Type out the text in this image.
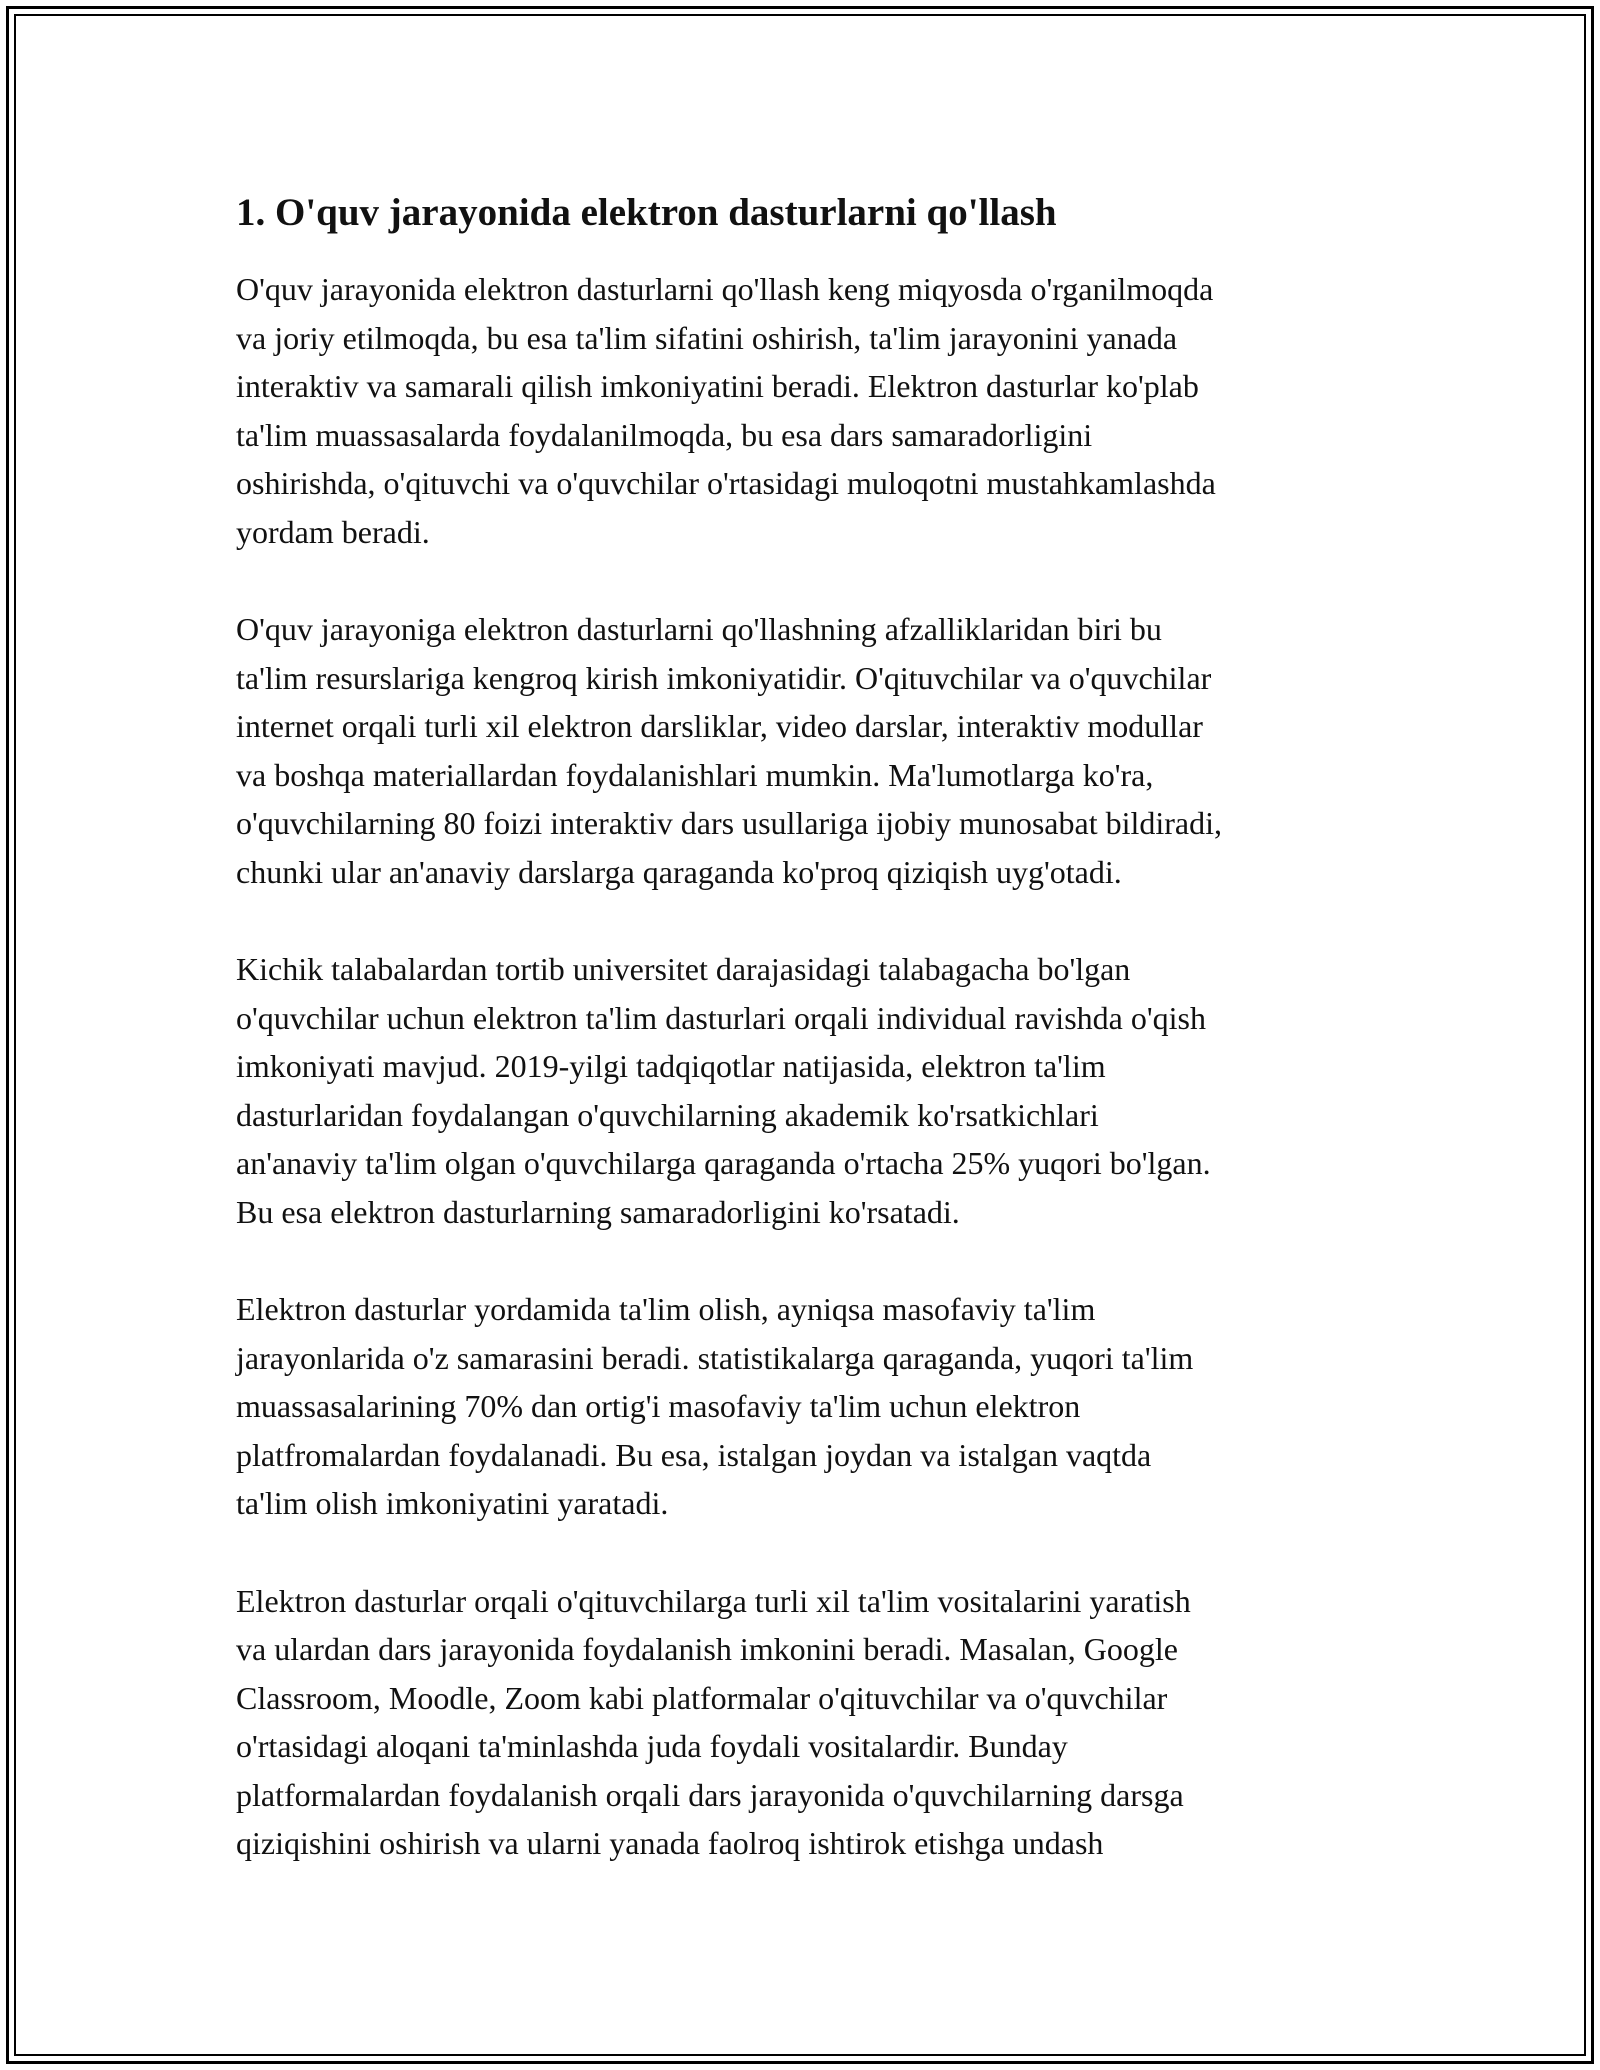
1. O'quv jarayonida elektron dasturlarni qo'llash

O'quv jarayonida elektron dasturlarni qo'llash keng miqyosda o'rganilmoqda
va joriy etilmoqda, bu esa ta'lim sifatini oshirish, ta'lim jarayonini yanada
interaktiv va samarali qilish imkoniyatini beradi. Elektron dasturlar ko'plab
ta'lim muassasalarda foydalanilmoqda, bu esa dars samaradorligini
oshirishda, o'qituvchi va o'quvchilar o'rtasidagi muloqotni mustahkamlashda
yordam beradi.

O'quv jarayoniga elektron dasturlarni qo'llashning afzalliklaridan biri bu
ta'lim resurslariga kengroq kirish imkoniyatidir. O'qituvchilar va o'quvchilar
internet orqali turli xil elektron darsliklar, video darslar, interaktiv modullar
va boshqa materiallardan foydalanishlari mumkin. Ma'lumotlarga ko'ra,
o'quvchilarning 80 foizi interaktiv dars usullariga ijobiy munosabat bildiradi,
chunki ular an'anaviy darslarga qaraganda ko'proq qiziqish uyg'otadi.

Kichik talabalardan tortib universitet darajasidagi talabagacha bo'lgan
o'quvchilar uchun elektron ta'lim dasturlari orqali individual ravishda o'qish
imkoniyati mavjud. 2019-yilgi tadqiqotlar natijasida, elektron ta'lim
dasturlaridan foydalangan o'quvchilarning akademik ko'rsatkichlari
an'anaviy ta'lim olgan o'quvchilarga qaraganda o'rtacha 25% yuqori bo'lgan.
Bu esa elektron dasturlarning samaradorligini ko'rsatadi.

Elektron dasturlar yordamida ta'lim olish, ayniqsa masofaviy ta'lim
jarayonlarida o'z samarasini beradi. statistikalarga qaraganda, yuqori ta'lim
muassasalarining 70% dan ortig'i masofaviy ta'lim uchun elektron
platfromalardan foydalanadi. Bu esa, istalgan joydan va istalgan vaqtda
ta'lim olish imkoniyatini yaratadi.

Elektron dasturlar orqali o'qituvchilarga turli xil ta'lim vositalarini yaratish
va ulardan dars jarayonida foydalanish imkonini beradi. Masalan, Google
Classroom, Moodle, Zoom kabi platformalar o'qituvchilar va o'quvchilar
o'rtasidagi aloqani ta'minlashda juda foydali vositalardir. Bunday
platformalardan foydalanish orqali dars jarayonida o'quvchilarning darsga
qiziqishini oshirish va ularni yanada faolroq ishtirok etishga undash
